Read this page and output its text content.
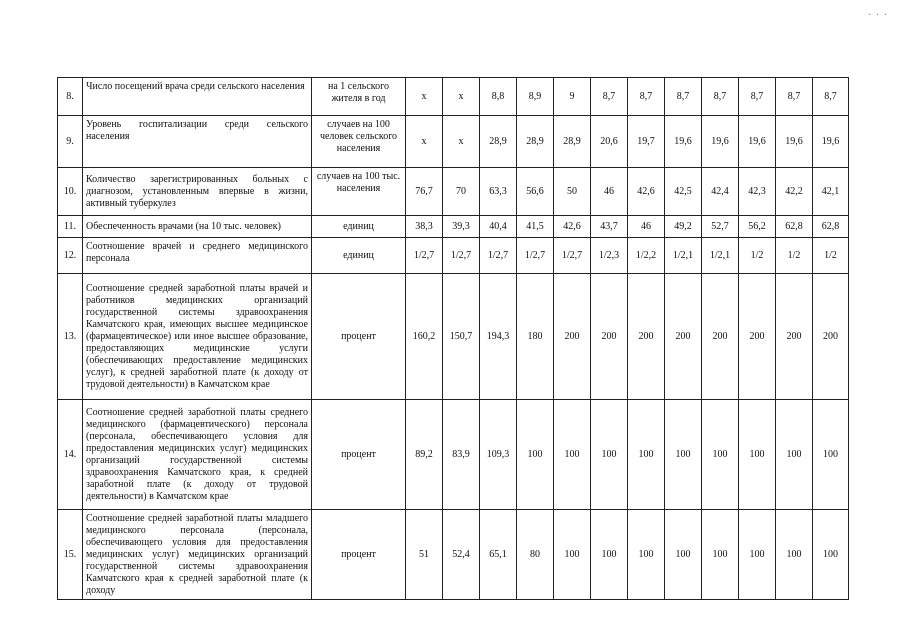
· · ·
8.	Число посещений врача среди сельского населения	на 1 сельского жителя в год	х	х	8,8	8,9	9	8,7	8,7	8,7	8,7	8,7	8,7	8,7
9.	Уровень госпитализации среди сельского населения	случаев на 100 человек сельского населения	х	х	28,9	28,9	28,9	20,6	19,7	19,6	19,6	19,6	19,6	19,6
10.	Количество зарегистрированных больных с диагнозом, установленным впервые в жизни, активный туберкулез	случаев на 100 тыс. населения	76,7	70	63,3	56,6	50	46	42,6	42,5	42,4	42,3	42,2	42,1
11.	Обеспеченность врачами (на 10 тыс. человек)	единиц	38,3	39,3	40,4	41,5	42,6	43,7	46	49,2	52,7	56,2	62,8	62,8
12.	Соотношение врачей и среднего медицинского персонала	единиц	1/2,7	1/2,7	1/2,7	1/2,7	1/2,7	1/2,3	1/2,2	1/2,1	1/2,1	1/2	1/2	1/2
13.	Соотношение средней заработной платы врачей и работников медицинских организаций государственной системы здравоохранения Камчатского края, имеющих высшее медицинское (фармацевтическое) или иное высшее образование, предоставляющих медицинские услуги (обеспечивающих предоставление медицинских услуг), к средней заработной плате (к доходу от трудовой деятельности) в Камчатском крае	процент	160,2	150,7	194,3	180	200	200	200	200	200	200	200	200
14.	Соотношение средней заработной платы среднего медицинского (фармацевтического) персонала (персонала, обеспечивающего условия для предоставления медицинских услуг) медицинских организаций государственной системы здравоохранения Камчатского края, к средней заработной плате (к доходу от трудовой деятельности) в Камчатском крае	процент	89,2	83,9	109,3	100	100	100	100	100	100	100	100	100
15.	Соотношение средней заработной платы младшего медицинского персонала (персонала, обеспечивающего условия для предоставления медицинских услуг) медицинских организаций государственной системы здравоохранения Камчатского края к средней заработной плате (к доходу	процент	51	52,4	65,1	80	100	100	100	100	100	100	100	100
